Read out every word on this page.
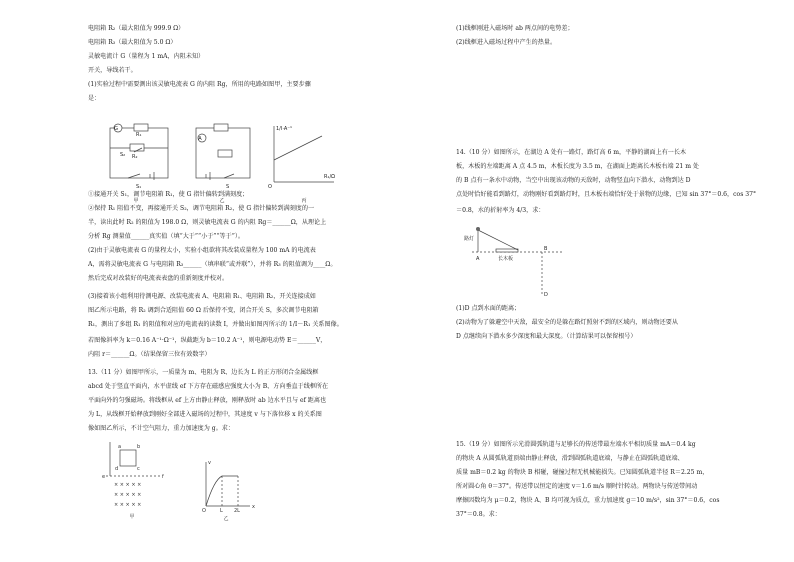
电阻箱 R₂（最大阻值为 999.9 Ω）
电阻箱 R₃（最大阻值为 5.0 Ω）
灵敏电流计 G（量程为 1 mA，内阻未知）
开关，导线若干。
(1)实验过程中需要测出该灵敏电流表 G 的内阻 Rg，所用的电路如图甲，主要步骤
是：
G
A
R₁
R₂
S₁
S₂
S
1/I·A⁻¹
R₁/Ω
O
甲	乙	丙
①接通开关 S₁，调节电阻箱 R₁，使 G 指针偏转到满刻度；
②保持 R₁ 阻值不变，再接通开关 S₂，调节电阻箱 R₂，使 G 指针偏转到满刻度的一
半，读出此时 R₂ 的阻值为 198.0 Ω，则灵敏电流表 G 的内阻 Rg＝______Ω，从理论上
分析 Rg 测量值______真实值（填“大于”“小于”“等于”）。
(2)由于灵敏电流表 G 的量程太小，实验小组欲将其改装成量程为 100 mA 的电流表
A，需将灵敏电流表 G 与电阻箱 R₃______（填串联“或并联”），并将 R₃ 的阻值调为____Ω。
然后完成对改装好的电流表表盘的重新刻度并校对。
(3)接着该小组利用待测电源、改装电流表 A、电阻箱 R₁、电阻箱 R₂，开关连接成如
图乙所示电路，将 R₂ 调到合适阻值 60 Ω 后保持不变，闭合开关 S，多次调节电阻箱
R₁，测出了多组 R₁ 的阻值和对应的电流表的读数 I，并做出如图丙所示的 1/I－R₁ 关系图像。
若图像斜率为 k＝0.16 A⁻¹·Ω⁻¹，纵截距为 b＝10.2 A⁻¹，则电源电动势 E＝______V，
内阻 r＝______Ω。（结果保留三位有效数字）
13.（11 分）如图甲所示，一质量为 m、电阻为 R、边长为 L 的正方形闭合金属线框
abcd 处于竖直平面内，水平虚线 ef 下方存在磁感应强度大小为 B、方向垂直于线框所在
平面向外的匀强磁场。将线框从 ef 上方由静止释放，刚释放时 ab 边水平且与 ef 距离也
为 L，从线框开始释放到刚好全部进入磁场的过程中，其速度 v 与下落位移 x 的关系图
像如图乙所示，不计空气阻力，重力加速度为 g。求：
× × × × ×
× × × × ×
× × × × ×
a	b
c
d
e	f
v
x
O	L 2L
甲	乙
(1)线框刚进入磁场时 ab 两点间的电势差；
(2)线框进入磁场过程中产生的热量。
14.（10 分）如图所示，在湖边 A 处有一路灯，路灯高 6 m，平静的湖面上有一长木
板，木板的左端距离 A 点 4.5 m，木板长度为 3.5 m，在湖面上距离长木板右端 21 m 处
的 B 点有一条水中动物，当空中出现该动物的天敌时，动物竖直向下潜水，动物到达 D
点处时恰好能看到路灯，动物刚好看到路灯时，且木板右端恰好处于景物的边缘，已知 sin 37°＝0.6，cos 37°
＝0.8，水的折射率为 4/3，求：
路灯
A	长木板
B
D
(1)D 点到水面的距离；
(2)动物为了躲避空中天敌，最安全的是躲在路灯照射不到的区域内，则动物还要从
D 点继续向下潜水多少深度和最大深度。（计算结果可以保留根号）
15.（19 分）如图所示光滑圆弧轨道与足够长的传送带最左端水平相切质量 mA＝0.4 kg
的物块 A 从圆弧轨道顶端由静止释放，滑到圆弧轨道底端，与静止在圆弧轨道底端、
质量 mB＝0.2 kg 的物块 B 相碰，碰撞过程无机械能损失。已知圆弧轨道半径 R＝2.25 m，
所对圆心角 θ＝37°。传送带以恒定的速度 v＝1.6 m/s 顺时针转动。两物块与传送带间动
摩擦因数均为 μ＝0.2，物块 A、B 均可视为质点，重力加速度 g＝10 m/s²，sin 37°＝0.6，cos
37°＝0.8。求：
